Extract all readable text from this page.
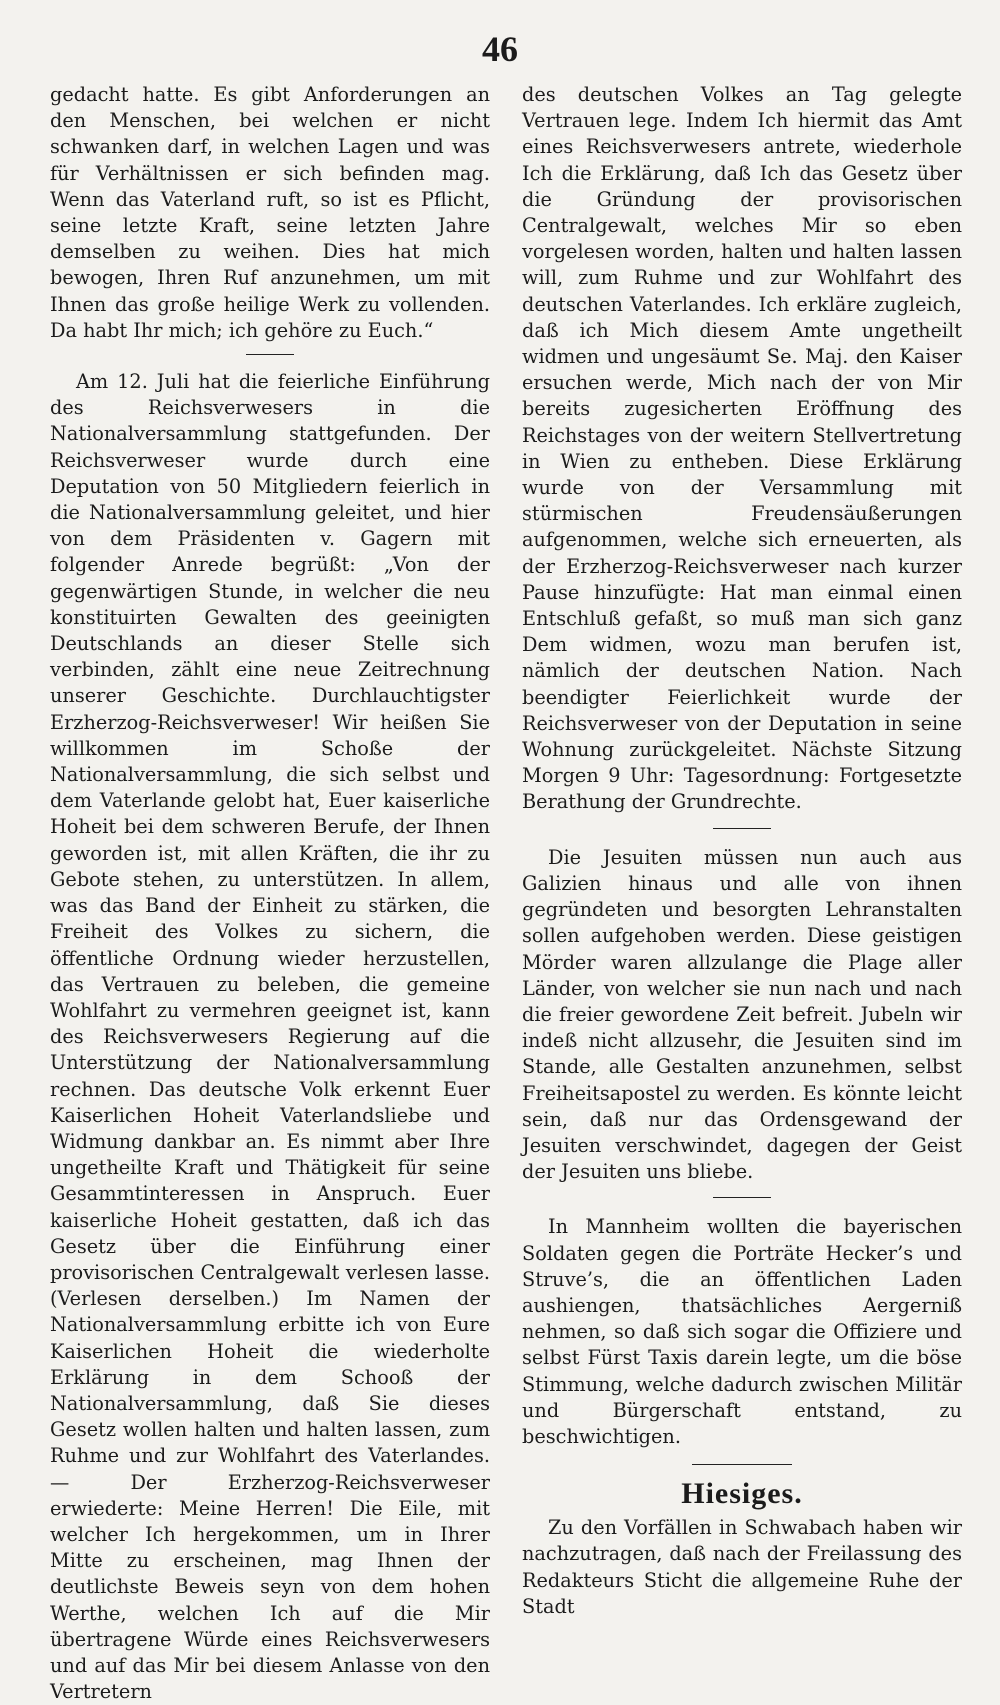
46

gedacht hatte. Es gibt Anforderungen an den Menschen, bei welchen er nicht schwanken darf, in welchen Lagen und was für Verhältnissen er sich befinden mag. Wenn das Vaterland ruft, so ist es Pflicht, seine letzte Kraft, seine letzten Jahre demselben zu weihen. Dies hat mich bewogen, Ihren Ruf anzunehmen, um mit Ihnen das große heilige Werk zu vollenden. Da habt Ihr mich; ich gehöre zu Euch.“

Am 12. Juli hat die feierliche Einführung des Reichsverwesers in die Nationalversammlung stattgefunden. Der Reichsverweser wurde durch eine Deputation von 50 Mitgliedern feierlich in die Nationalversammlung geleitet, und hier von dem Präsidenten v. Gagern mit folgender Anrede begrüßt: „Von der gegenwärtigen Stunde, in welcher die neu konstituirten Gewalten des geeinigten Deutschlands an dieser Stelle sich verbinden, zählt eine neue Zeitrechnung unserer Geschichte. Durchlauchtigster Erzherzog-Reichsverweser! Wir heißen Sie willkommen im Schoße der Nationalversammlung, die sich selbst und dem Vaterlande gelobt hat, Euer kaiserliche Hoheit bei dem schweren Berufe, der Ihnen geworden ist, mit allen Kräften, die ihr zu Gebote stehen, zu unterstützen. In allem, was das Band der Einheit zu stärken, die Freiheit des Volkes zu sichern, die öffentliche Ordnung wieder herzustellen, das Vertrauen zu beleben, die gemeine Wohlfahrt zu vermehren geeignet ist, kann des Reichsverwesers Regierung auf die Unterstützung der Nationalversammlung rechnen. Das deutsche Volk erkennt Euer Kaiserlichen Hoheit Vaterlandsliebe und Widmung dankbar an. Es nimmt aber Ihre ungetheilte Kraft und Thätigkeit für seine Gesammtinteressen in Anspruch. Euer kaiserliche Hoheit gestatten, daß ich das Gesetz über die Einführung einer provisorischen Centralgewalt verlesen lasse. (Verlesen derselben.) Im Namen der Nationalversammlung erbitte ich von Eure Kaiserlichen Hoheit die wiederholte Erklärung in dem Schooß der Nationalversammlung, daß Sie dieses Gesetz wollen halten und halten lassen, zum Ruhme und zur Wohlfahrt des Vaterlandes. — Der Erzherzog-Reichsverweser erwiederte: Meine Herren! Die Eile, mit welcher Ich hergekommen, um in Ihrer Mitte zu erscheinen, mag Ihnen der deutlichste Beweis seyn von dem hohen Werthe, welchen Ich auf die Mir übertragene Würde eines Reichsverwesers und auf das Mir bei diesem Anlasse von den Vertretern

des deutschen Volkes an Tag gelegte Vertrauen lege. Indem Ich hiermit das Amt eines Reichsverwesers antrete, wiederhole Ich die Erklärung, daß Ich das Gesetz über die Gründung der provisorischen Centralgewalt, welches Mir so eben vorgelesen worden, halten und halten lassen will, zum Ruhme und zur Wohlfahrt des deutschen Vaterlandes. Ich erkläre zugleich, daß ich Mich diesem Amte ungetheilt widmen und ungesäumt Se. Maj. den Kaiser ersuchen werde, Mich nach der von Mir bereits zugesicherten Eröffnung des Reichstages von der weitern Stellvertretung in Wien zu entheben. Diese Erklärung wurde von der Versammlung mit stürmischen Freudensäußerungen aufgenommen, welche sich erneuerten, als der Erzherzog-Reichsverweser nach kurzer Pause hinzufügte: Hat man einmal einen Entschluß gefaßt, so muß man sich ganz Dem widmen, wozu man berufen ist, nämlich der deutschen Nation. Nach beendigter Feierlichkeit wurde der Reichsverweser von der Deputation in seine Wohnung zurückgeleitet. Nächste Sitzung Morgen 9 Uhr: Tagesordnung: Fortgesetzte Berathung der Grundrechte.

Die Jesuiten müssen nun auch aus Galizien hinaus und alle von ihnen gegründeten und besorgten Lehranstalten sollen aufgehoben werden. Diese geistigen Mörder waren allzulange die Plage aller Länder, von welcher sie nun nach und nach die freier gewordene Zeit befreit. Jubeln wir indeß nicht allzusehr, die Jesuiten sind im Stande, alle Gestalten anzunehmen, selbst Freiheitsapostel zu werden. Es könnte leicht sein, daß nur das Ordensgewand der Jesuiten verschwindet, dagegen der Geist der Jesuiten uns bliebe.

In Mannheim wollten die bayerischen Soldaten gegen die Porträte Hecker’s und Struve’s, die an öffentlichen Laden aushiengen, thatsächliches Aergerniß nehmen, so daß sich sogar die Offiziere und selbst Fürst Taxis darein legte, um die böse Stimmung, welche dadurch zwischen Militär und Bürgerschaft entstand, zu beschwichtigen.

Hiesiges.

Zu den Vorfällen in Schwabach haben wir nachzutragen, daß nach der Freilassung des Redakteurs Sticht die allgemeine Ruhe der Stadt
